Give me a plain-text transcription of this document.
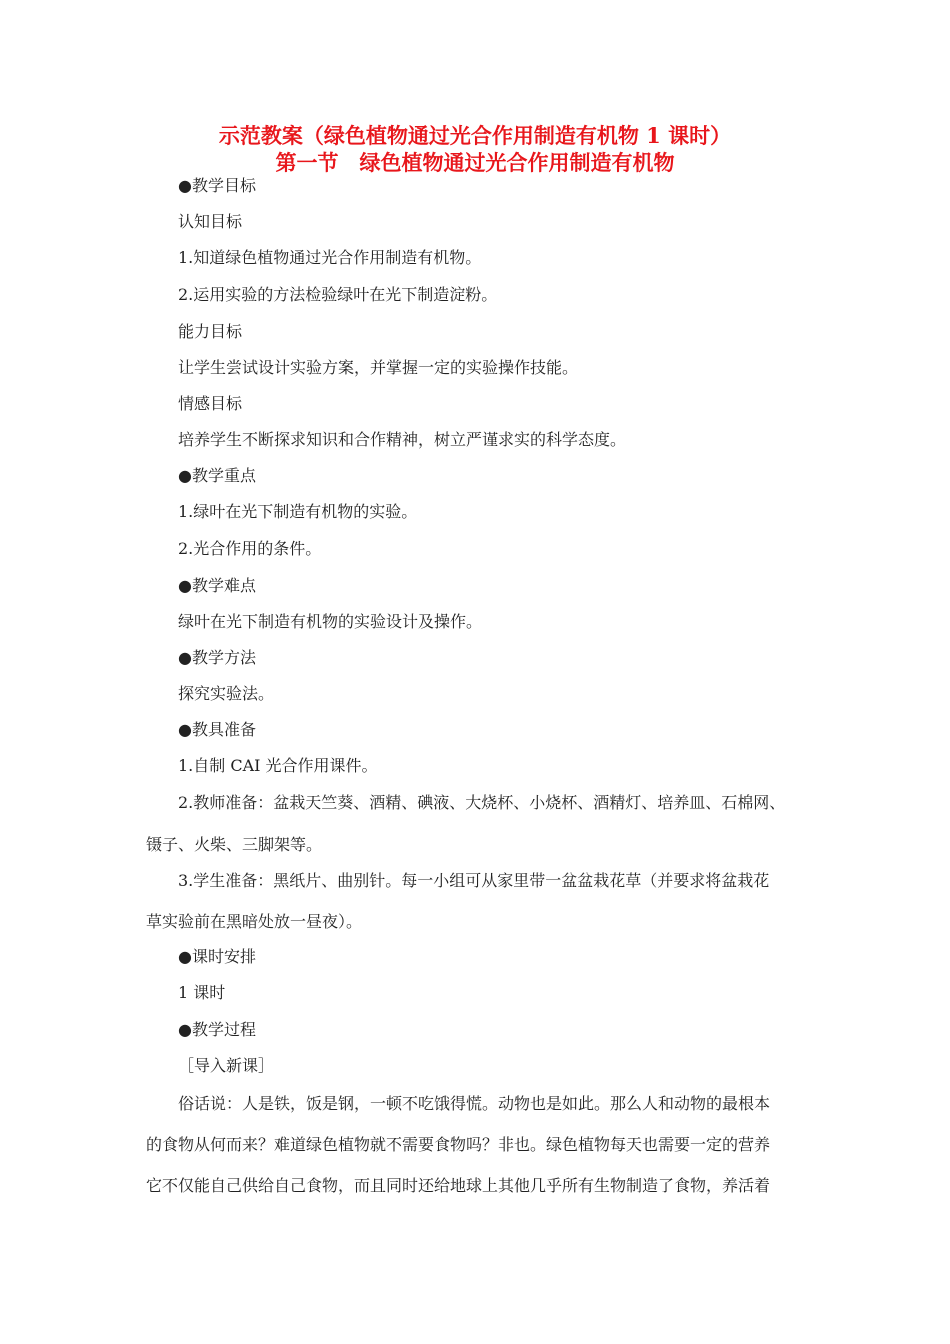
示范教案（绿色植物通过光合作用制造有机物 1 课时）
第一节　绿色植物通过光合作用制造有机物
●教学目标
认知目标
1.知道绿色植物通过光合作用制造有机物。
2.运用实验的方法检验绿叶在光下制造淀粉。
能力目标
让学生尝试设计实验方案，并掌握一定的实验操作技能。
情感目标
培养学生不断探求知识和合作精神，树立严谨求实的科学态度。
●教学重点
1.绿叶在光下制造有机物的实验。
2.光合作用的条件。
●教学难点
绿叶在光下制造有机物的实验设计及操作。
●教学方法
探究实验法。
●教具准备
1.自制 CAI 光合作用课件。
2.教师准备：盆栽天竺葵、酒精、碘液、大烧杯、小烧杯、酒精灯、培养皿、石棉网、
镊子、火柴、三脚架等。
3.学生准备：黑纸片、曲别针。每一小组可从家里带一盆盆栽花草（并要求将盆栽花
草实验前在黑暗处放一昼夜）。
●课时安排
1 课时
●教学过程
［导入新课］
俗话说：人是铁，饭是钢，一顿不吃饿得慌。动物也是如此。那么人和动物的最根本
的食物从何而来？难道绿色植物就不需要食物吗？非也。绿色植物每天也需要一定的营养
它不仅能自己供给自己食物，而且同时还给地球上其他几乎所有生物制造了食物，养活着
